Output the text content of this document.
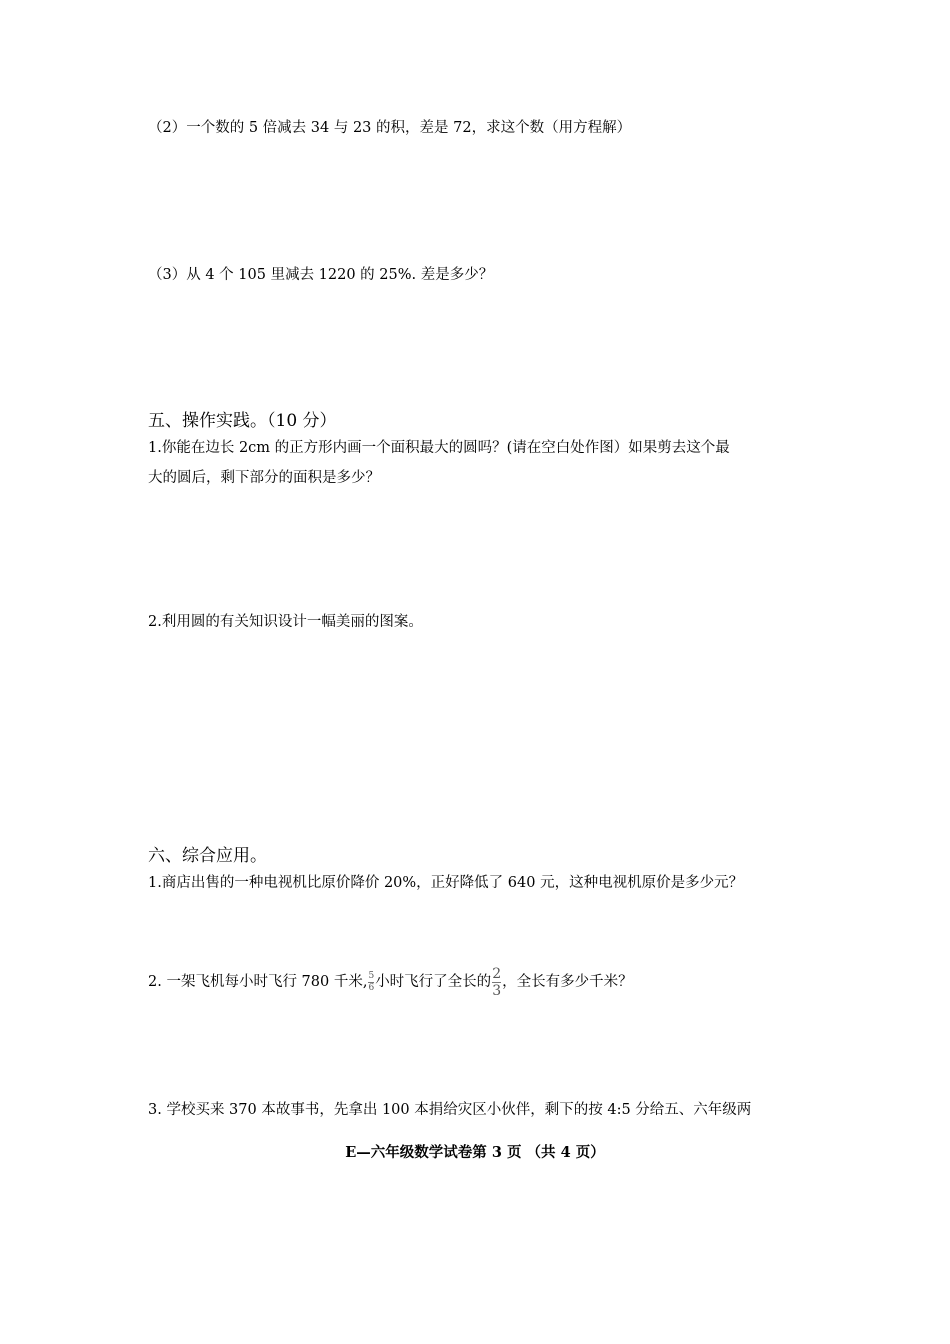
（2）一个数的 5 倍减去 34 与 23 的积，差是 72，求这个数（用方程解）
（3）从 4 个 105 里减去 1220 的 25%. 差是多少？
五、操作实践。（10 分）
1.你能在边长 2cm 的正方形内画一个面积最大的圆吗？(请在空白处作图）如果剪去这个最
大的圆后，剩下部分的面积是多少？
2.利用圆的有关知识设计一幅美丽的图案。
六、综合应用。
1.商店出售的一种电视机比原价降价 20%，正好降低了 640 元，这种电视机原价是多少元？
2. 一架飞机每小时飞行 780 千米, $\frac{5}{6}$ 小时飞行了全长的 $\frac{2}{3}$ ，全长有多少千米？
3. 学校买来 370 本故事书，先拿出 100 本捐给灾区小伙伴，剩下的按 4:5 分给五、六年级两
E—六年级数学试卷第 3 页 （共 4 页）
